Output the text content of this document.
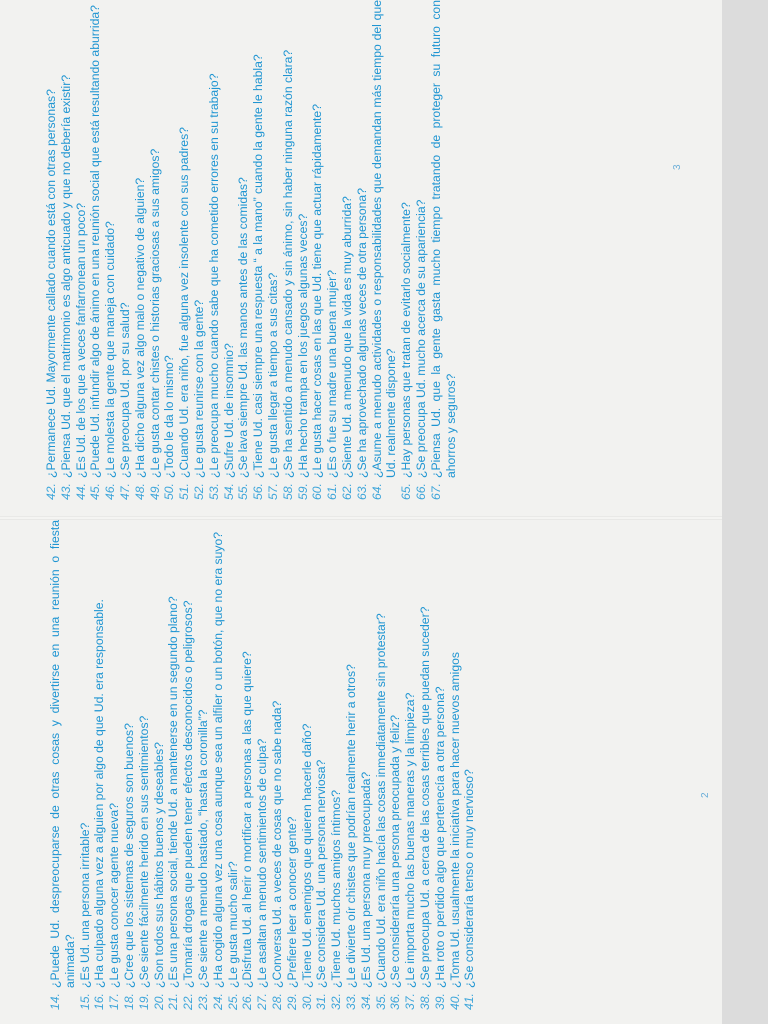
42.
¿Permanece Ud. Mayormente callado cuando está con otras personas?
43.
¿Piensa Ud. que el matrimonio es algo anticuado y que no debería existir?
44.
¿Es Ud. de los que a veces fanfarronean un poco?
45.
¿Puede Ud. infundir algo de ánimo en una reunión social que está resultando aburrida?
46.
¿Le molesta la gente que maneja con cuidado?
47.
¿Se preocupa Ud. por su salud?
48.
¿Ha dicho alguna vez algo malo o negativo de alguien?
49.
¿Le gusta contar chistes o historias graciosas a sus amigos?
50.
¿Todo le da lo mismo?
51.
¿Cuando Ud. era niño, fue alguna vez insolente con sus padres?
52.
¿Le gusta reunirse con la gente?
53.
¿Le preocupa mucho cuando sabe que ha cometido errores en su trabajo?
54.
¿Sufre Ud. de insomnio?
55.
¿Se lava siempre Ud. las manos antes de las comidas?
56.
¿Tiene Ud. casi siempre una respuesta “ a la mano” cuando la gente le habla?
57.
¿Le gusta llegar a tiempo a sus citas?
58.
¿Se ha sentido a menudo cansado y sin ánimo, sin haber ninguna razón clara?
59.
¿Ha hecho trampa en los juegos algunas veces?
60.
¿Le gusta hacer cosas en las que Ud. tiene que actuar rápidamente?
61.
¿Es o fue su madre una buena mujer?
62.
¿Siente Ud. a menudo que la vida es muy aburrida?
63.
¿Se ha aprovechado algunas veces de otra persona?
64.
¿Asume a menudo actividades o responsabilidades que demandan más tiempo del que Ud. realmente dispone?
65.
¿Hay personas que tratan de evitarlo socialmente?
66.
¿Se preocupa Ud. mucho acerca de su apariencia?
67.
¿Piensa Ud. que la gente gasta mucho tiempo tratando de proteger su futuro con ahorros y seguros?
3
14.
¿Puede Ud. despreocuparse de otras cosas y divertirse en una reunión o fiesta animada?
15.
¿Es Ud. una persona irritable?
16.
¿Ha culpado alguna vez a alguien por algo de que Ud. era responsable.
17.
¿Le gusta conocer agente nueva?
18.
¿Cree que los sistemas de seguros son buenos?
19.
¿Se siente fácilmente herido en sus sentimientos?
20.
¿Son todos sus hábitos buenos y deseables?
21.
¿Es una persona social, tiende Ud. a mantenerse en un segundo plano?
22.
¿Tomaría drogas que pueden tener efectos desconocidos o peligrosos?
23.
¿Se siente a menudo hastiado, “hasta la coronilla”?
24.
¿Ha cogido alguna vez una cosa aunque sea un alfiler o un botón, que no era suyo?
25.
¿Le gusta mucho salir?
26.
¿Disfruta Ud. al herir o mortificar a personas a las que quiere?
27.
¿Le asaltan a menudo sentimientos de culpa?
28.
¿Conversa Ud. a veces de cosas que no sabe nada?
29.
¿Prefiere leer a conocer gente?
30.
¿Tiene Ud. enemigos que quieren hacerle daño?
31.
¿Se considera Ud. una persona nerviosa?
32.
¿Tiene Ud. muchos amigos íntimos?
33.
¿Le divierte oír chistes que podrían realmente herir a otros?
34.
¿Es Ud. una persona muy preocupada?
35.
¿Cuando Ud. era niño hacía las cosas inmediatamente sin protestar?
36.
¿Se consideraría una persona preocupada y feliz?
37.
¿Le importa mucho las buenas maneras y la limpieza?
38.
¿Se preocupa Ud. a cerca de las cosas terribles que puedan suceder?
39.
¿Ha roto o perdido algo que pertenecía a otra persona?
40.
¿Toma Ud. usualmente la iniciativa para hacer nuevos amigos
41.
¿Se consideraría tenso o muy nervioso?	2
